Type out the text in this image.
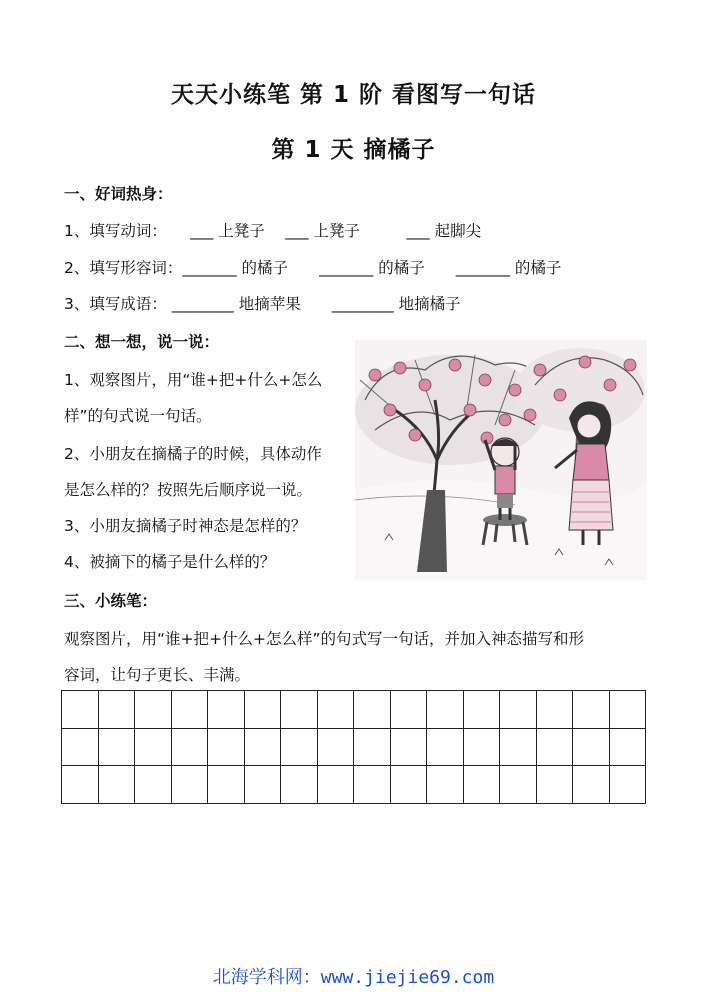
天天小练笔 第 1 阶 看图写一句话
第 1 天 摘橘子
一、好词热身：
1、填写动词：　　___ 上凳子　 ___ 上凳子　　　___ 起脚尖
2、填写形容词：_______ 的橘子　　_______ 的橘子　　_______ 的橘子
3、填写成语： ________ 地摘苹果　　________ 地摘橘子
二、想一想，说一说：
1、观察图片，用“谁+把+什么+怎么
样”的句式说一句话。
2、小朋友在摘橘子的时候，具体动作
是怎么样的？按照先后顺序说一说。
3、小朋友摘橘子时神态是怎样的？
4、被摘下的橘子是什么样的？
三、小练笔：
观察图片，用“谁+把+什么+怎么样”的句式写一句话，并加入神态描写和形
容词，让句子更长、丰满。
北海学科网：www.jiejie69.com
